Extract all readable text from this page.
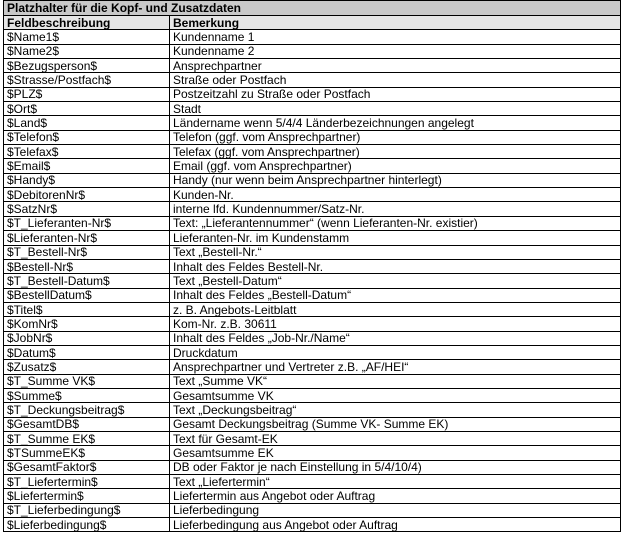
Platzhalter für die Kopf- und Zusatzdaten	
Feldbeschreibung	Bemerkung
$Name1$	Kundenname 1
$Name2$	Kundenname 2
$Bezugsperson$	Ansprechpartner
$Strasse/Postfach$	Straße oder Postfach
$PLZ$	Postzeitzahl zu Straße oder Postfach
$Ort$	Stadt
$Land$	Ländername wenn 5/4/4 Länderbezeichnungen angelegt
$Telefon$	Telefon (ggf. vom Ansprechpartner)
$Telefax$	Telefax (ggf. vom Ansprechpartner)
$Email$	Email (ggf. vom Ansprechpartner)
$Handy$	Handy (nur wenn beim Ansprechpartner hinterlegt)
$DebitorenNr$	Kunden-Nr.
$SatzNr$	interne lfd. Kundennummer/Satz-Nr.
$T_Lieferanten-Nr$	Text: „Lieferantennummer“ (wenn Lieferanten-Nr. existier)
$Lieferanten-Nr$	Lieferanten-Nr. im Kundenstamm
$T_Bestell-Nr$	Text „Bestell-Nr.“
$Bestell-Nr$	Inhalt des Feldes Bestell-Nr.
$T_Bestell-Datum$	Text „Bestell-Datum“
$BestellDatum$	Inhalt des Feldes „Bestell-Datum“
$Titel$	z. B. Angebots-Leitblatt
$KomNr$	Kom-Nr. z.B. 30611
$JobNr$	Inhalt des Feldes „Job-Nr./Name“
$Datum$	Druckdatum
$Zusatz$	Ansprechpartner und Vertreter z.B. „AF/HEI“
$T_Summe VK$	Text „Summe VK“
$Summe$	Gesamtsumme VK
$T_Deckungsbeitrag$	Text „Deckungsbeitrag“
$GesamtDB$	Gesamt Deckungsbeitrag (Summe VK- Summe EK)
$T_Summe EK$	Text für Gesamt-EK
$TSummeEK$	Gesamtsumme EK
$GesamtFaktor$	DB oder Faktor je nach Einstellung in 5/4/10/4)
$T_Liefertermin$	Text „Liefertermin“
$Liefertermin$	Liefertermin aus Angebot oder Auftrag
$T_Lieferbedingung$	Lieferbedingung
$Lieferbedingung$	Lieferbedingung aus Angebot oder Auftrag
